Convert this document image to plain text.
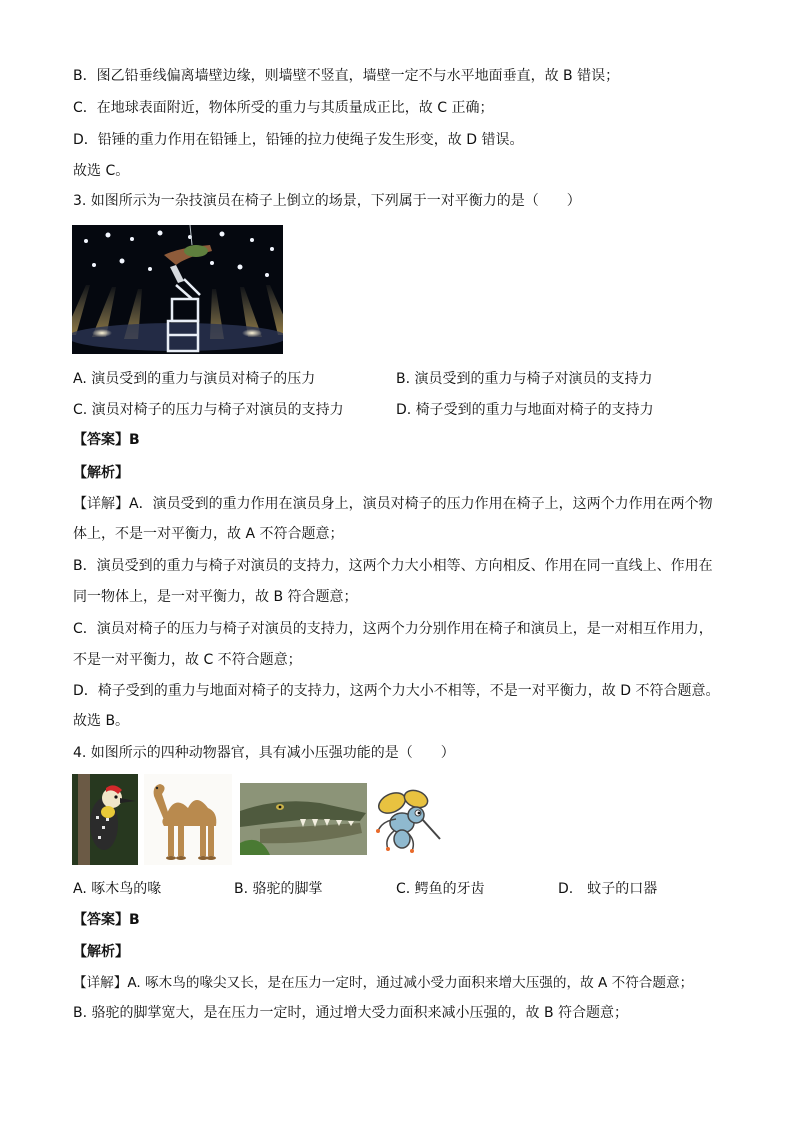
B．图乙铅垂线偏离墙壁边缘，则墙壁不竖直，墙壁一定不与水平地面垂直，故 B 错误；
C．在地球表面附近，物体所受的重力与其质量成正比，故 C 正确；
D．铅锤的重力作用在铅锤上，铅锤的拉力使绳子发生形变，故 D 错误。
故选 C。
3. 如图所示为一杂技演员在椅子上倒立的场景，下列属于一对平衡力的是（　　）
A. 演员受到的重力与演员对椅子的压力	B. 演员受到的重力与椅子对演员的支持力
C. 演员对椅子的压力与椅子对演员的支持力	D. 椅子受到的重力与地面对椅子的支持力
【答案】B
【解析】
【详解】A．演员受到的重力作用在演员身上，演员对椅子的压力作用在椅子上，这两个力作用在两个物
体上，不是一对平衡力，故 A 不符合题意；
B．演员受到的重力与椅子对演员的支持力，这两个力大小相等、方向相反、作用在同一直线上、作用在
同一物体上，是一对平衡力，故 B 符合题意；
C．演员对椅子的压力与椅子对演员的支持力，这两个力分别作用在椅子和演员上，是一对相互作用力，
不是一对平衡力，故 C 不符合题意；
D．椅子受到的重力与地面对椅子的支持力，这两个力大小不相等，不是一对平衡力，故 D 不符合题意。
故选 B。
4. 如图所示的四种动物器官，具有减小压强功能的是（　　）
A. 啄木鸟的喙	B. 骆驼的脚掌	C. 鳄鱼的牙齿	D.　蚊子的口器
【答案】B
【解析】
【详解】A. 啄木鸟的喙尖又长，是在压力一定时，通过减小受力面积来增大压强的，故 A 不符合题意；
B. 骆驼的脚掌宽大，是在压力一定时，通过增大受力面积来减小压强的，故 B 符合题意；
